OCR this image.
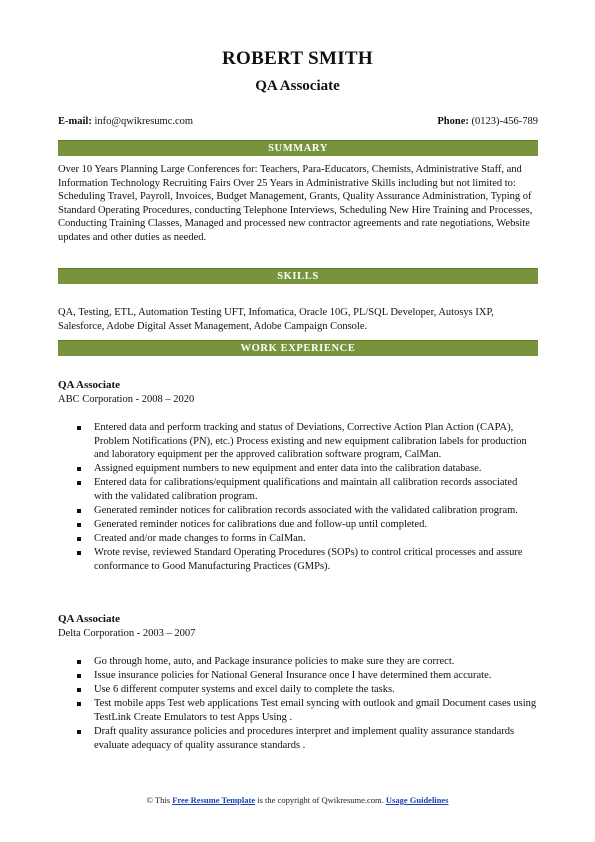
ROBERT SMITH
QA Associate
E-mail: info@qwikresumc.com	Phone: (0123)-456-789
SUMMARY
Over 10 Years Planning Large Conferences for: Teachers, Para-Educators, Chemists, Administrative Staff, and Information Technology Recruiting Fairs Over 25 Years in Administrative Skills including but not limited to: Scheduling Travel, Payroll, Invoices, Budget Management, Grants, Quality Assurance Administration, Typing of Standard Operating Procedures, conducting Telephone Interviews, Scheduling New Hire Training and Processes, Conducting Training Classes, Managed and processed new contractor agreements and rate negotiations, Website updates and other duties as needed.
SKILLS
QA, Testing, ETL, Automation Testing UFT, Infomatica, Oracle 10G, PL/SQL Developer, Autosys IXP, Salesforce, Adobe Digital Asset Management, Adobe Campaign Console.
WORK EXPERIENCE
QA Associate
ABC Corporation - 2008 – 2020
Entered data and perform tracking and status of Deviations, Corrective Action Plan Action (CAPA), Problem Notifications (PN), etc.) Process existing and new equipment calibration labels for production and laboratory equipment per the approved calibration software program, CalMan.
Assigned equipment numbers to new equipment and enter data into the calibration database.
Entered data for calibrations/equipment qualifications and maintain all calibration records associated with the validated calibration program.
Generated reminder notices for calibration records associated with the validated calibration program.
Generated reminder notices for calibrations due and follow-up until completed.
Created and/or made changes to forms in CalMan.
Wrote revise, reviewed Standard Operating Procedures (SOPs) to control critical processes and assure conformance to Good Manufacturing Practices (GMPs).
QA Associate
Delta Corporation - 2003 – 2007
Go through home, auto, and Package insurance policies to make sure they are correct.
Issue insurance policies for National General Insurance once I have determined them accurate.
Use 6 different computer systems and excel daily to complete the tasks.
Test mobile apps Test web applications Test email syncing with outlook and gmail Document cases using TestLink Create Emulators to test Apps Using .
Draft quality assurance policies and procedures interpret and implement quality assurance standards evaluate adequacy of quality assurance standards .
© This Free Resume Template is the copyright of Qwikresume.com. Usage Guidelines
